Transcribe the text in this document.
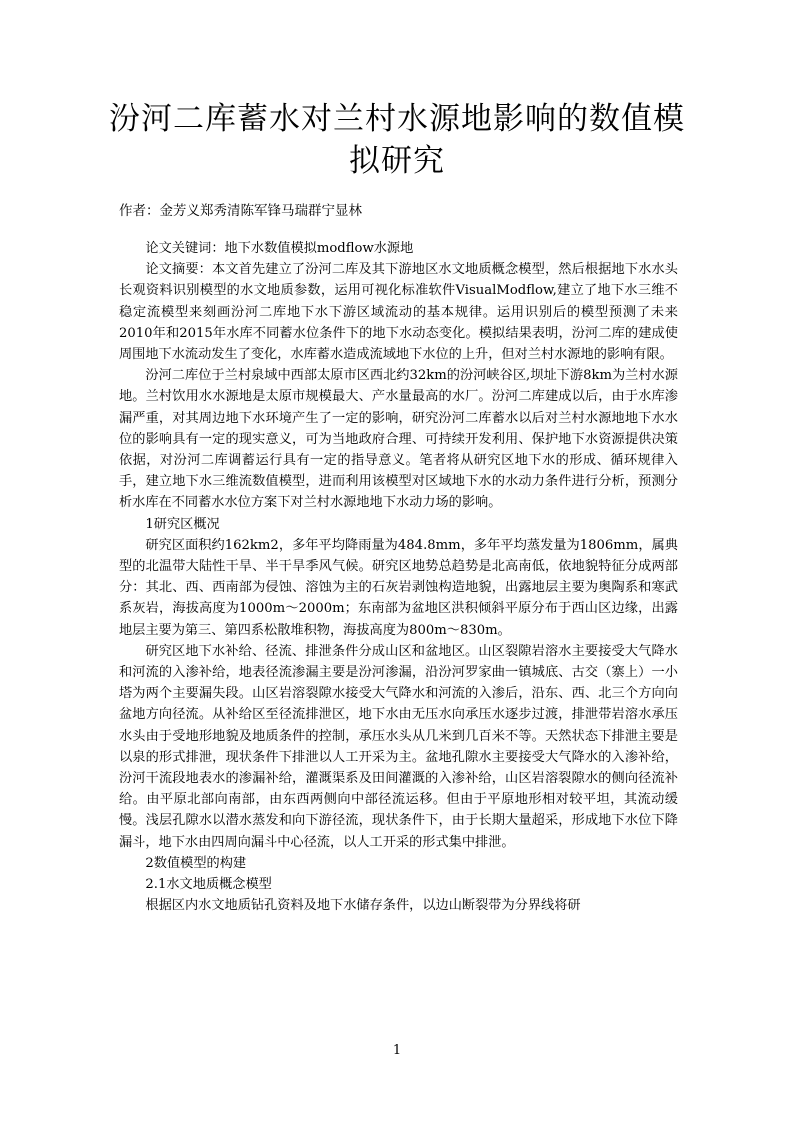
汾河二库蓄水对兰村水源地影响的数值模拟研究
作者：金芳义郑秀清陈军锋马瑞群宁显林

论文关键词：地下水数值模拟modflow水源地

论文摘要：本文首先建立了汾河二库及其下游地区水文地质概念模型，然后根据地下水水头长观资料识别模型的水文地质参数，运用可视化标准软件VisualModflow,建立了地下水三维不稳定流模型来刻画汾河二库地下水下游区域流动的基本规律。运用识别后的模型预测了未来2010年和2015年水库不同蓄水位条件下的地下水动态变化。模拟结果表明，汾河二库的建成使周围地下水流动发生了变化，水库蓄水造成流域地下水位的上升，但对兰村水源地的影响有限。

汾河二库位于兰村泉域中西部太原市区西北约32km的汾河峡谷区,坝址下游8km为兰村水源地。兰村饮用水水源地是太原市规模最大、产水量最高的水厂。汾河二库建成以后，由于水库渗漏严重，对其周边地下水环境产生了一定的影响，研究汾河二库蓄水以后对兰村水源地地下水水位的影响具有一定的现实意义，可为当地政府合理、可持续开发利用、保护地下水资源提供决策依据，对汾河二库调蓄运行具有一定的指导意义。笔者将从研究区地下水的形成、循环规律入手，建立地下水三维流数值模型，进而利用该模型对区域地下水的水动力条件进行分析，预测分析水库在不同蓄水水位方案下对兰村水源地地下水动力场的影响。

1研究区概况

研究区面积约162km2，多年平均降雨量为484.8mm，多年平均蒸发量为1806mm，属典型的北温带大陆性干旱、半干旱季风气候。研究区地势总趋势是北高南低，依地貌特征分成两部分：其北、西、西南部为侵蚀、溶蚀为主的石灰岩剥蚀构造地貌，出露地层主要为奥陶系和寒武系灰岩，海拔高度为1000m～2000m；东南部为盆地区洪积倾斜平原分布于西山区边缘，出露地层主要为第三、第四系松散堆积物，海拔高度为800m～830m。

研究区地下水补给、径流、排泄条件分成山区和盆地区。山区裂隙岩溶水主要接受大气降水和河流的入渗补给，地表径流渗漏主要是汾河渗漏，沿汾河罗家曲一镇城底、古交（寨上）一小塔为两个主要漏失段。山区岩溶裂隙水接受大气降水和河流的入渗后，沿东、西、北三个方向向盆地方向径流。从补给区至径流排泄区，地下水由无压水向承压水逐步过渡，排泄带岩溶水承压水头由于受地形地貌及地质条件的控制，承压水头从几米到几百米不等。天然状态下排泄主要是以泉的形式排泄，现状条件下排泄以人工开采为主。盆地孔隙水主要接受大气降水的入渗补给，汾河干流段地表水的渗漏补给，灌溉渠系及田间灌溉的入渗补给，山区岩溶裂隙水的侧向径流补给。由平原北部向南部，由东西两侧向中部径流运移。但由于平原地形相对较平坦，其流动缓慢。浅层孔隙水以潜水蒸发和向下游径流，现状条件下，由于长期大量超采，形成地下水位下降漏斗，地下水由四周向漏斗中心径流，以人工开采的形式集中排泄。

2数值模型的构建

2.1水文地质概念模型

根据区内水文地质钻孔资料及地下水储存条件，以边山断裂带为分界线将研

1
